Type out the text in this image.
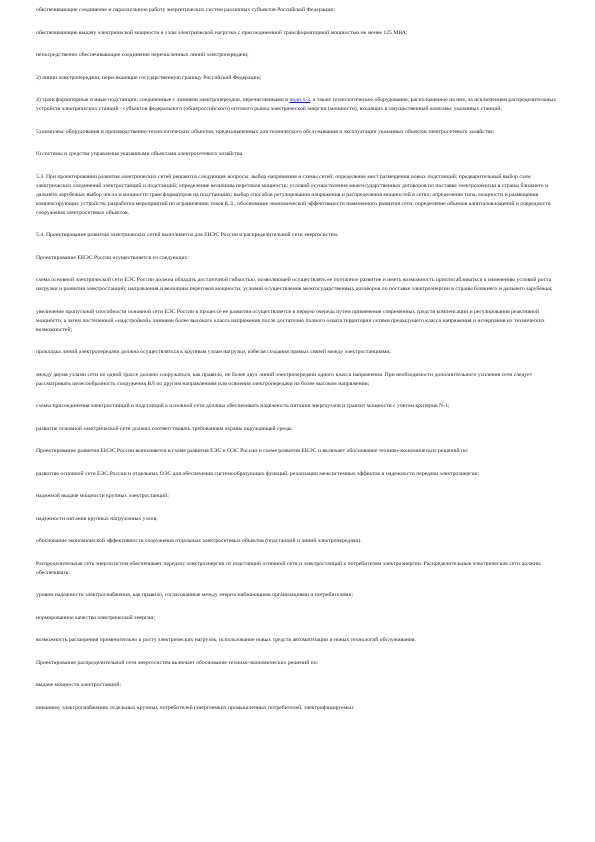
обеспечивающие соединение и параллельную работу энергетических систем различных субъектов Российской Федерации;

обеспечивающие выдачу электрической мощности в узлы электрической нагрузки с присоединенной трансформаторной мощностью не менее 125 МВА;

непосредственно обеспечивающие соединение перечисленных линий электропередачи;

3) линии электропередачи, пересекающие государственную границу Российской Федерации;

4) трансформаторные и иные подстанции, соединенные с линиями электропередачи, перечисленными в подп.1-3, а также технологическое оборудование, расположенное на них, за исключением распределительных устройств электрических станций - субъектов федерального (общероссийского) оптового рынка электрической энергии (мощности), входящих в имущественный комплекс указанных станций;

5) комплекс оборудования и производственно-технологических объектов, предназначенных для технического обслуживания и эксплуатации указанных объектов электросетевого хозяйства;

6) системы и средства управления указанными объектами электросетевого хозяйства.

5.3. При проектировании развития электрических сетей решаются следующие вопросы: выбор напряжения и схемы сетей; определение мест размещения новых подстанций; предварительный выбор схем электрических соединений электростанций и подстанций; определение величины перетоков мощности; условий осуществления межгосударственных договоров по поставке электроэнергии в страны ближнего и дальнего зарубежья; выбор числа и мощности трансформаторов на подстанциях; выбор способов регулирования напряжения и распределения мощностей в сетях; определение типа, мощности и размещения компенсирующих устройств; разработка мероприятий по ограничению токов К.З.; обоснование экономической эффективности намеченного развития сети; определение объемов капиталовложений и очередности сооружения электросетевых объектов.

5.4. Проектирование развития электрических сетей выполняется для ЕНЭС России и распределительной сети энергосистем.

Проектирование ЕНЭС России осуществляется из следующих:

схема основной электрической сети ЕЭС России должна обладать достаточной гибкостью, позволяющей осуществлять ее поэтапное развитие и иметь возможность приспосабливаться к изменению условий роста нагрузки и развития электростанций; направления и величины перетоков мощности; условий осуществления межгосударственных договоров по поставке электроэнергии в страны ближнего и дальнего зарубежья;

увеличение пропускной способности основной сети ЕЭС России в процессе ее развития осуществляется в первую очередь путем применения современных средств компенсации и регулирования реактивной мощности, а затем постепенной «надстройкой» линиями более высокого класса напряжения после достаточно полного охвата территории сетями предыдущего класса напряжения и исчерпания их технических возможностей;

прокладка линий электропередачи должна осуществляться к крупным узлам нагрузки, избегая создания прямых связей между электростанциями;

между двумя узлами сети по одной трассе должно сооружаться, как правило, не более двух линий электропередачи одного класса напряжения. При необходимости дополнительного усиления сети следует рассматривать целесообразность сооружения ВЛ по другим направлениям или освоения электропередачи на более высоком напряжении;

схемы присоединения электростанций и подстанций к основной сети должны обеспечивать надежность питания энергоузлов и транзит мощности с учетом критерия N-1;

развитие основной электрической сети должно соответствовать требованиям охраны окружающей среды.

Проектирование развития ЕНЭС России выполняется в схеме развития ЕЭС и ОЭС России и схеме развития ЕНЭС и включает обоснование технико-экономических решений по:

развитию основной сети ЕЭС России и отдельных ОЭС для обеспечения системообразующих функций, реализации межсистемных эффектов и надежности передачи электроэнергии;

надежной выдаче мощности крупных электростанций;

надежности питания крупных нагрузочных узлов;

обоснование экономической эффективности сооружения отдельных электросетевых объектов (подстанций и линий электропередачи).

Распределительная сеть энергосистем обеспечивает передачу электроэнергии от подстанций основной сети и электростанций к потребителям электроэнергии. Распределительные электрические сети должны обеспечивать:

уровни надежности электроснабжения, как правило, согласованные между энергоснабжающими организациями и потребителями;

нормированное качество электрической энергии;

возможность расширения применительно к росту электрических нагрузок, использование новых средств автоматизации и новых технологий обслуживания.

Проектирование распределительной сети энергосистем включает обоснование технико-экономических решений по:

выдаче мощности электростанций;

внешнему электроснабжению отдельных крупных потребителей (энергоемких промышленных потребителей, электрифицируемых
